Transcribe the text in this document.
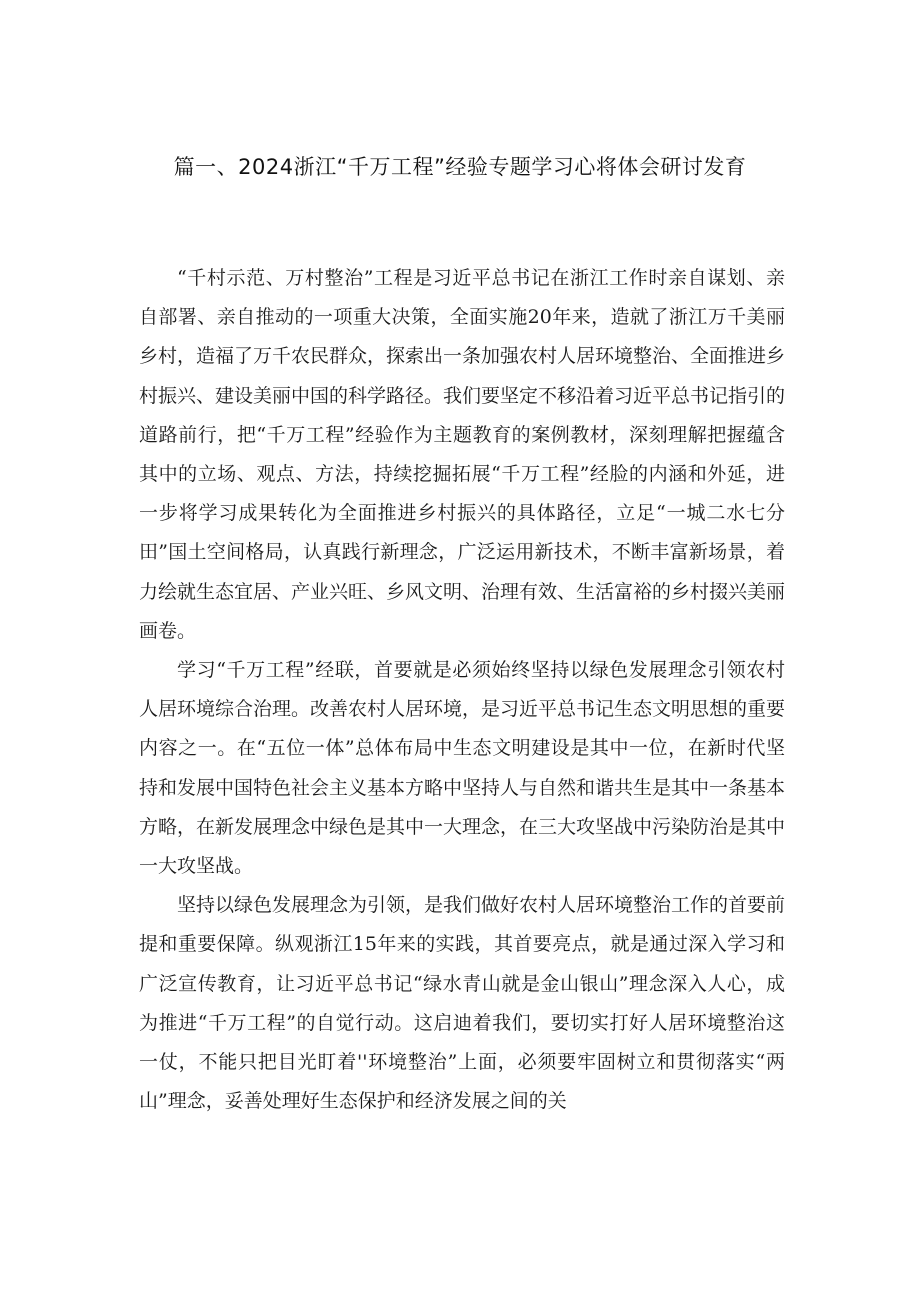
篇一、2024浙江“千万工程”经验专题学习心将体会研讨发育

“千村示范、万村整治”工程是习近平总书记在浙江工作时亲自谋划、亲自部署、亲自推动的一项重大决策，全面实施20年来，造就了浙江万千美丽乡村，造福了万千农民群众，探索出一条加强农村人居环境整治、全面推进乡村振兴、建设美丽中国的科学路径。我们要坚定不移沿着习近平总书记指引的道路前行，把“千万工程”经验作为主题教育的案例教材，深刻理解把握蕴含其中的立场、观点、方法，持续挖掘拓展“千万工程”经脸的内涵和外延，进一步将学习成果转化为全面推进乡村振兴的具体路径，立足“一城二水七分田”国土空间格局，认真践行新理念，广泛运用新技术，不断丰富新场景，着力绘就生态宜居、产业兴旺、乡风文明、治理有效、生活富裕的乡村掇兴美丽画卷。

学习“千万工程”经联，首要就是必须始终坚持以绿色发展理念引领农村人居环境综合治理。改善农村人居环境，是习近平总书记生态文明思想的重要内容之一。在“五位一体”总体布局中生态文明建设是其中一位，在新时代坚持和发展中国特色社会主义基本方略中坚持人与自然和谐共生是其中一条基本方略，在新发展理念中绿色是其中一大理念，在三大攻坚战中污染防治是其中一大攻坚战。

坚持以绿色发展理念为引领，是我们做好农村人居环境整治工作的首要前提和重要保障。纵观浙江15年来的实践，其首要亮点，就是通过深入学习和广泛宣传教育，让习近平总书记“绿水青山就是金山银山”理念深入人心，成为推进“千万工程”的自觉行动。这启迪着我们，要切实打好人居环境整治这一仗，不能只把目光盯着''环境整治”上面，必须要牢固树立和贯彻落实“两山”理念，妥善处理好生态保护和经济发展之间的关
